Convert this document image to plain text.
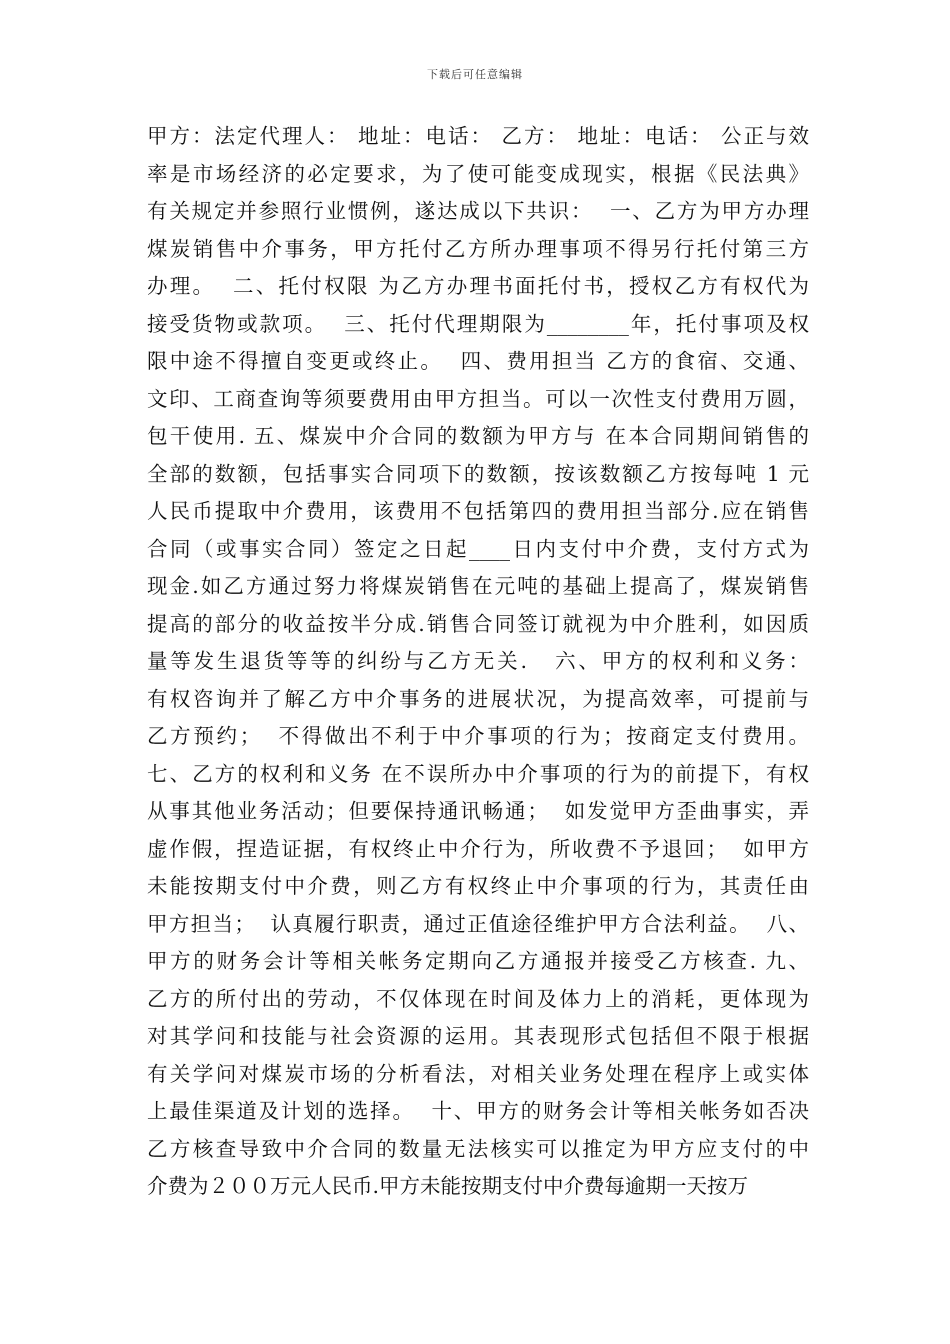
下载后可任意编辑
甲方：法定代理人： 地址：电话： 乙方： 地址：电话： 公正与效
率是市场经济的必定要求，为了使可能变成现实，根据《民法典》
有关规定并参照行业惯例，遂达成以下共识：  一、乙方为甲方办理
煤炭销售中介事务，甲方托付乙方所办理事项不得另行托付第三方
办理。  二、托付权限 为乙方办理书面托付书，授权乙方有权代为
接受货物或款项。  三、托付代理期限为________年，托付事项及权
限中途不得擅自变更或终止。  四、费用担当 乙方的食宿、交通、
文印、工商查询等须要费用由甲方担当。可以一次性支付费用万圆，
包干使用. 五、煤炭中介合同的数额为甲方与 在本合同期间销售的
全部的数额，包括事实合同项下的数额，按该数额乙方按每吨 1 元
人民币提取中介费用，该费用不包括第四的费用担当部分.应在销售
合同（或事实合同）签定之日起____日内支付中介费，支付方式为
现金.如乙方通过努力将煤炭销售在元吨的基础上提高了，煤炭销售
提高的部分的收益按半分成.销售合同签订就视为中介胜利，如因质
量等发生退货等等的纠纷与乙方无关.   六、甲方的权利和义务：
有权咨询并了解乙方中介事务的进展状况，为提高效率，可提前与
乙方预约；  不得做出不利于中介事项的行为；按商定支付费用。
七、乙方的权利和义务 在不误所办中介事项的行为的前提下，有权
从事其他业务活动；但要保持通讯畅通；  如发觉甲方歪曲事实，弄
虚作假，捏造证据，有权终止中介行为，所收费不予退回；  如甲方
未能按期支付中介费，则乙方有权终止中介事项的行为，其责任由
甲方担当；  认真履行职责，通过正值途径维护甲方合法利益。  八、
甲方的财务会计等相关帐务定期向乙方通报并接受乙方核查. 九、
乙方的所付出的劳动，不仅体现在时间及体力上的消耗，更体现为
对其学问和技能与社会资源的运用。其表现形式包括但不限于根据
有关学问对煤炭市场的分析看法，对相关业务处理在程序上或实体
上最佳渠道及计划的选择。  十、甲方的财务会计等相关帐务如否决
乙方核查导致中介合同的数量无法核实可以推定为甲方应支付的中
介费为２００万元人民币.甲方未能按期支付中介费每逾期一天按万
